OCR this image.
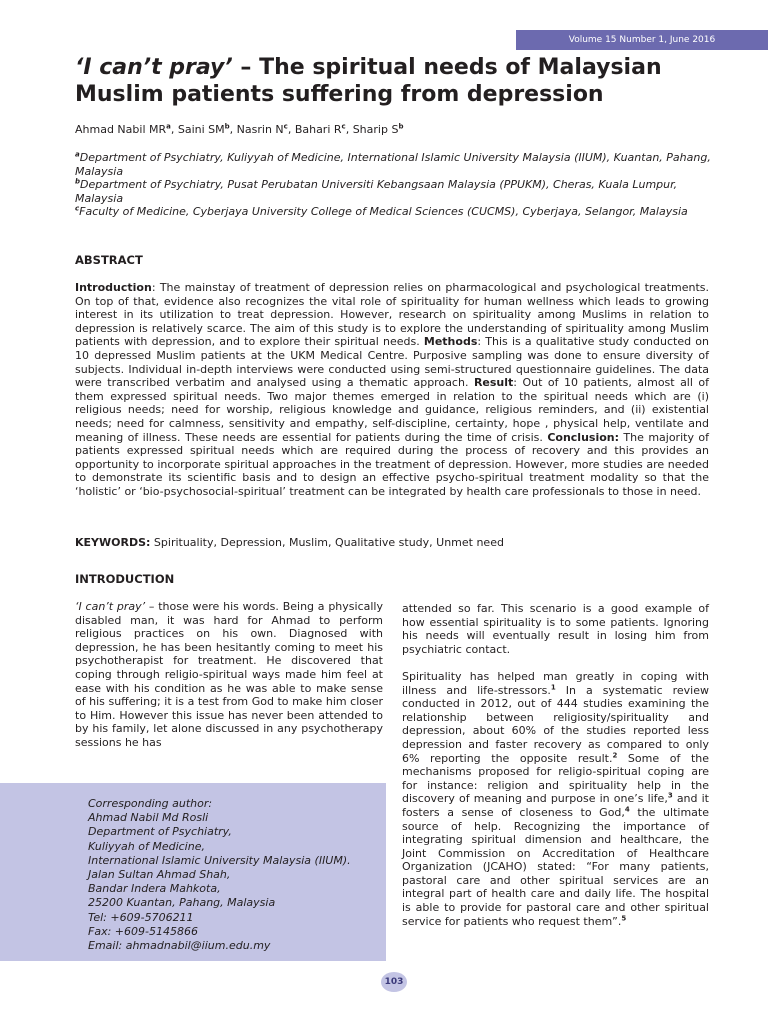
Volume 15 Number 1, June 2016
‘I can’t pray’ – The spiritual needs of Malaysian Muslim patients suffering from depression
Ahmad Nabil $MR^a$, Saini $SM^b$, Nasrin $N^c$, Bahari $R^c$, Sharip $S^b$

$^a$Department of Psychiatry, Kuliyyah of Medicine, International Islamic University Malaysia (IIUM), Kuantan, Pahang, Malaysia

$^b$Department of Psychiatry, Pusat Perubatan Universiti Kebangsaan Malaysia (PPUKM), Cheras, Kuala Lumpur, Malaysia

$^c$Faculty of Medicine, Cyberjaya University College of Medical Sciences (CUCMS), Cyberjaya, Selangor, Malaysia

ABSTRACT

Introduction: The mainstay of treatment of depression relies on pharmacological and psychological treatments. On top of that, evidence also recognizes the vital role of spirituality for human wellness which leads to growing interest in its utilization to treat depression. However, research on spirituality among Muslims in relation to depression is relatively scarce. The aim of this study is to explore the understanding of spirituality among Muslim patients with depression, and to explore their spiritual needs. Methods: This is a qualitative study conducted on 10 depressed Muslim patients at the UKM Medical Centre. Purposive sampling was done to ensure diversity of subjects. Individual in-depth interviews were conducted using semi-structured questionnaire guidelines. The data were transcribed verbatim and analysed using a thematic approach. Result: Out of 10 patients, almost all of them expressed spiritual needs. Two major themes emerged in relation to the spiritual needs which are (i) religious needs; need for worship, religious knowledge and guidance, religious reminders, and (ii) existential needs; need for calmness, sensitivity and empathy, self-discipline, certainty, hope , physical help, ventilate and meaning of illness. These needs are essential for patients during the time of crisis. Conclusion: The majority of patients expressed spiritual needs which are required during the process of recovery and this provides an opportunity to incorporate spiritual approaches in the treatment of depression. However, more studies are needed to demonstrate its scientific basis and to design an effective psycho-spiritual treatment modality so that the ‘holistic’ or ‘bio-psychosocial-spiritual’ treatment can be integrated by health care professionals to those in need.

KEYWORDS: Spirituality, Depression, Muslim, Qualitative study, Unmet need

INTRODUCTION

‘I can’t pray’ – those were his words. Being a physically disabled man, it was hard for Ahmad to perform religious practices on his own. Diagnosed with depression, he has been hesitantly coming to meet his psychotherapist for treatment. He discovered that coping through religio-spiritual ways made him feel at ease with his condition as he was able to make sense of his suffering; it is a test from God to make him closer to Him. However this issue has never been attended to by his family, let alone discussed in any psychotherapy sessions he has

attended so far. This scenario is a good example of how essential spirituality is to some patients. Ignoring his needs will eventually result in losing him from psychiatric contact.

Spirituality has helped man greatly in coping with illness and life-stressors.$^1$ In a systematic review conducted in 2012, out of 444 studies examining the relationship between religiosity/spirituality and depression, about 60% of the studies reported less depression and faster recovery as compared to only 6% reporting the opposite result.$^2$ Some of the mechanisms proposed for religio-spiritual coping are for instance: religion and spirituality help in the discovery of meaning and purpose in one’s life,$^3$ and it fosters a sense of closeness to God,$^4$ the ultimate source of help. Recognizing the importance of integrating spiritual dimension and healthcare, the Joint Commission on Accreditation of Healthcare Organization (JCAHO) stated: “For many patients, pastoral care and other spiritual services are an integral part of health care and daily life. The hospital is able to provide for pastoral care and other spiritual service for patients who request them”.$^5$

Corresponding author:
Ahmad Nabil Md Rosli
Department of Psychiatry,
Kuliyyah of Medicine,
International Islamic University Malaysia (IIUM).
Jalan Sultan Ahmad Shah,
Bandar Indera Mahkota,
25200 Kuantan, Pahang, Malaysia
Tel: +609-5706211
Fax: +609-5145866
Email: ahmadnabil@iium.edu.my
103
